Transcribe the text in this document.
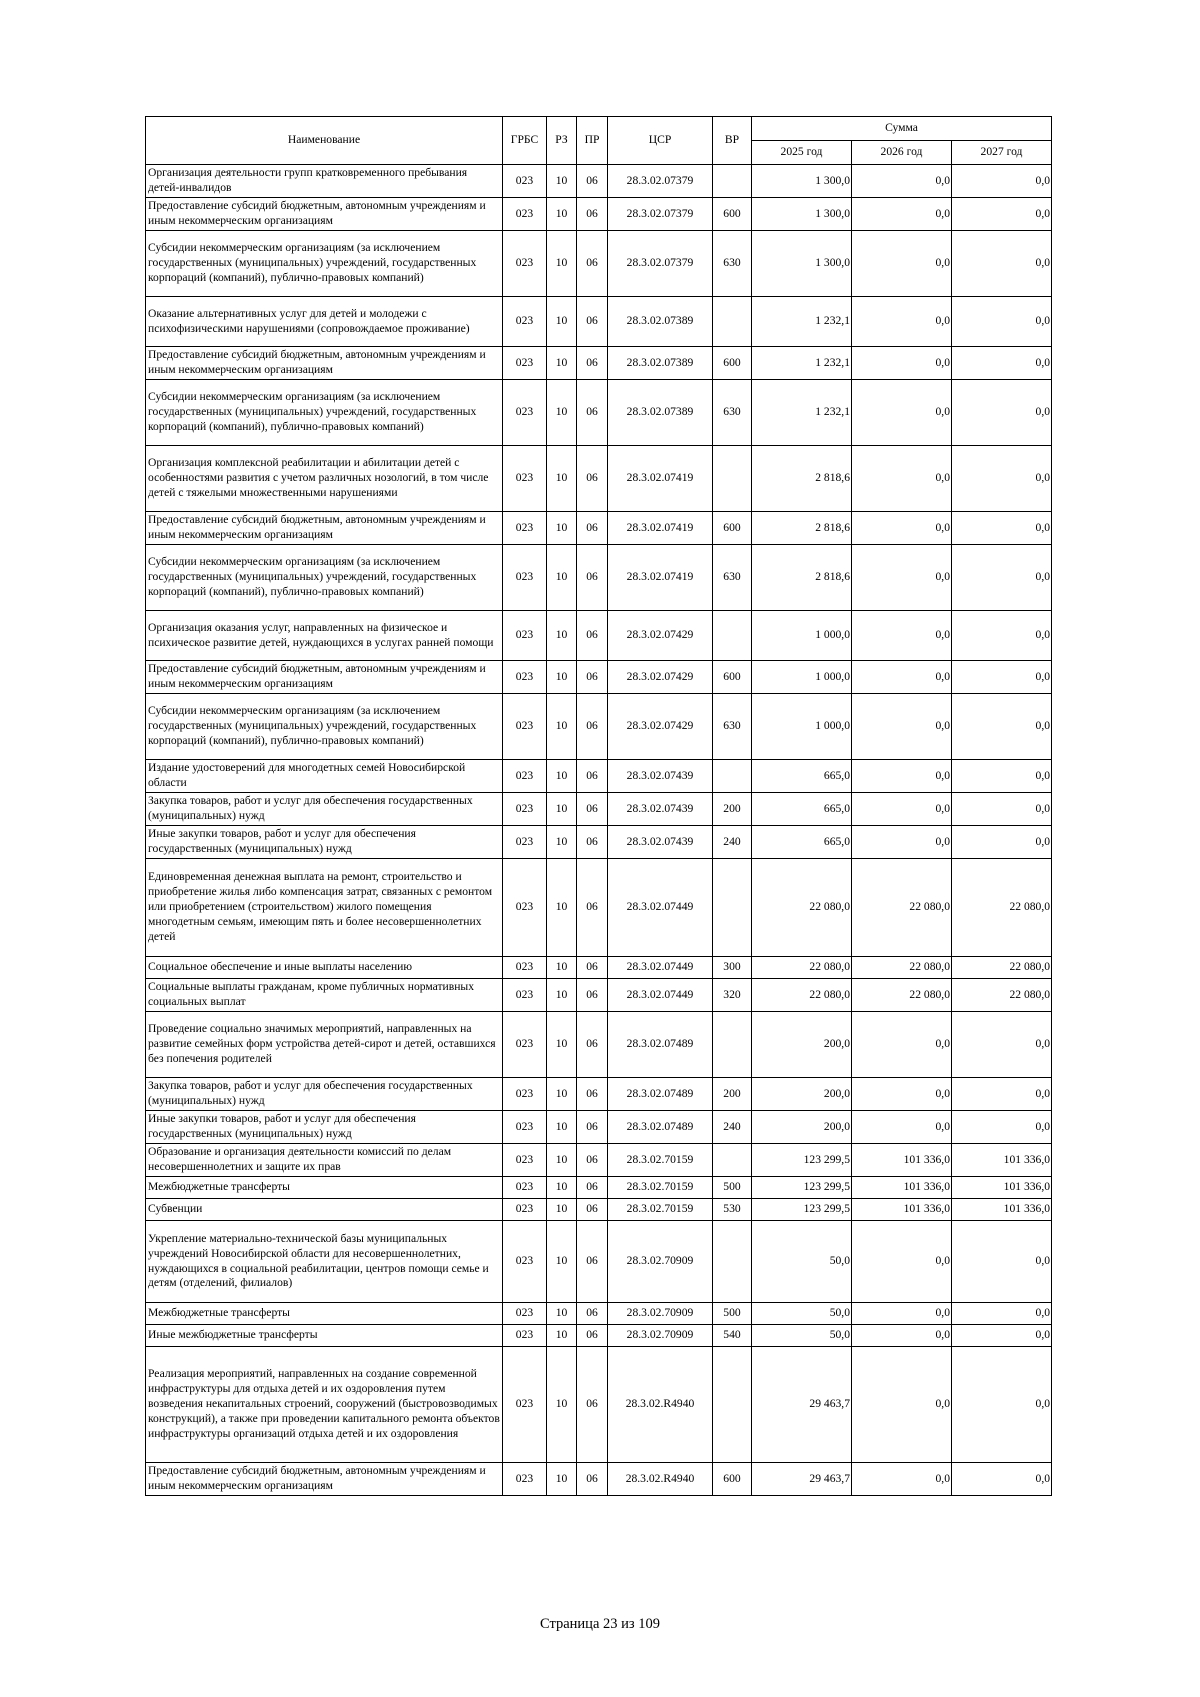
Наименование	ГРБС	РЗ	ПР	ЦСР	ВР	Сумма		
						2025 год	2026 год	2027 год
Организация деятельности групп кратковременного пребывания детей-инвалидов	023	10	06	28.3.02.07379		1 300,0	0,0	0,0
Предоставление субсидий бюджетным, автономным учреждениям и иным некоммерческим организациям	023	10	06	28.3.02.07379	600	1 300,0	0,0	0,0
Субсидии некоммерческим организациям (за исключением государственных (муниципальных) учреждений, государственных корпораций (компаний), публично-правовых компаний)	023	10	06	28.3.02.07379	630	1 300,0	0,0	0,0
Оказание альтернативных услуг для детей и молодежи с психофизическими нарушениями (сопровождаемое проживание)	023	10	06	28.3.02.07389		1 232,1	0,0	0,0
Предоставление субсидий бюджетным, автономным учреждениям и иным некоммерческим организациям	023	10	06	28.3.02.07389	600	1 232,1	0,0	0,0
Субсидии некоммерческим организациям (за исключением государственных (муниципальных) учреждений, государственных корпораций (компаний), публично-правовых компаний)	023	10	06	28.3.02.07389	630	1 232,1	0,0	0,0
Организация комплексной реабилитации и абилитации детей с особенностями развития с учетом различных нозологий, в том числе детей с тяжелыми множественными нарушениями	023	10	06	28.3.02.07419		2 818,6	0,0	0,0
Предоставление субсидий бюджетным, автономным учреждениям и иным некоммерческим организациям	023	10	06	28.3.02.07419	600	2 818,6	0,0	0,0
Субсидии некоммерческим организациям (за исключением государственных (муниципальных) учреждений, государственных корпораций (компаний), публично-правовых компаний)	023	10	06	28.3.02.07419	630	2 818,6	0,0	0,0
Организация оказания услуг, направленных на физическое и психическое развитие детей, нуждающихся в услугах ранней помощи	023	10	06	28.3.02.07429		1 000,0	0,0	0,0
Предоставление субсидий бюджетным, автономным учреждениям и иным некоммерческим организациям	023	10	06	28.3.02.07429	600	1 000,0	0,0	0,0
Субсидии некоммерческим организациям (за исключением государственных (муниципальных) учреждений, государственных корпораций (компаний), публично-правовых компаний)	023	10	06	28.3.02.07429	630	1 000,0	0,0	0,0
Издание удостоверений для многодетных семей Новосибирской области	023	10	06	28.3.02.07439		665,0	0,0	0,0
Закупка товаров, работ и услуг для обеспечения государственных (муниципальных) нужд	023	10	06	28.3.02.07439	200	665,0	0,0	0,0
Иные закупки товаров, работ и услуг для обеспечения государственных (муниципальных) нужд	023	10	06	28.3.02.07439	240	665,0	0,0	0,0
Единовременная денежная выплата на ремонт, строительство и приобретение жилья либо компенсация затрат, связанных с ремонтом или приобретением (строительством) жилого помещения многодетным семьям, имеющим пять и более несовершеннолетних детей	023	10	06	28.3.02.07449		22 080,0	22 080,0	22 080,0
Социальное обеспечение и иные выплаты населению	023	10	06	28.3.02.07449	300	22 080,0	22 080,0	22 080,0
Социальные выплаты гражданам, кроме публичных нормативных социальных выплат	023	10	06	28.3.02.07449	320	22 080,0	22 080,0	22 080,0
Проведение социально значимых мероприятий, направленных на развитие семейных форм устройства детей-сирот и детей, оставшихся без попечения родителей	023	10	06	28.3.02.07489		200,0	0,0	0,0
Закупка товаров, работ и услуг для обеспечения государственных (муниципальных) нужд	023	10	06	28.3.02.07489	200	200,0	0,0	0,0
Иные закупки товаров, работ и услуг для обеспечения государственных (муниципальных) нужд	023	10	06	28.3.02.07489	240	200,0	0,0	0,0
Образование и организация деятельности комиссий по делам несовершеннолетних и защите их прав	023	10	06	28.3.02.70159		123 299,5	101 336,0	101 336,0
Межбюджетные трансферты	023	10	06	28.3.02.70159	500	123 299,5	101 336,0	101 336,0
Субвенции	023	10	06	28.3.02.70159	530	123 299,5	101 336,0	101 336,0
Укрепление материально-технической базы муниципальных учреждений Новосибирской области для несовершеннолетних, нуждающихся в социальной реабилитации, центров помощи семье и детям (отделений, филиалов)	023	10	06	28.3.02.70909		50,0	0,0	0,0
Межбюджетные трансферты	023	10	06	28.3.02.70909	500	50,0	0,0	0,0
Иные межбюджетные трансферты	023	10	06	28.3.02.70909	540	50,0	0,0	0,0
Реализация мероприятий, направленных на создание современной инфраструктуры для отдыха детей и их оздоровления путем возведения некапитальных строений, сооружений (быстровозводимых конструкций), а также при проведении капитального ремонта объектов инфраструктуры организаций отдыха детей и их оздоровления	023	10	06	28.3.02.R4940		29 463,7	0,0	0,0
Предоставление субсидий бюджетным, автономным учреждениям и иным некоммерческим организациям	023	10	06	28.3.02.R4940	600	29 463,7	0,0	0,0
Страница 23 из 109
